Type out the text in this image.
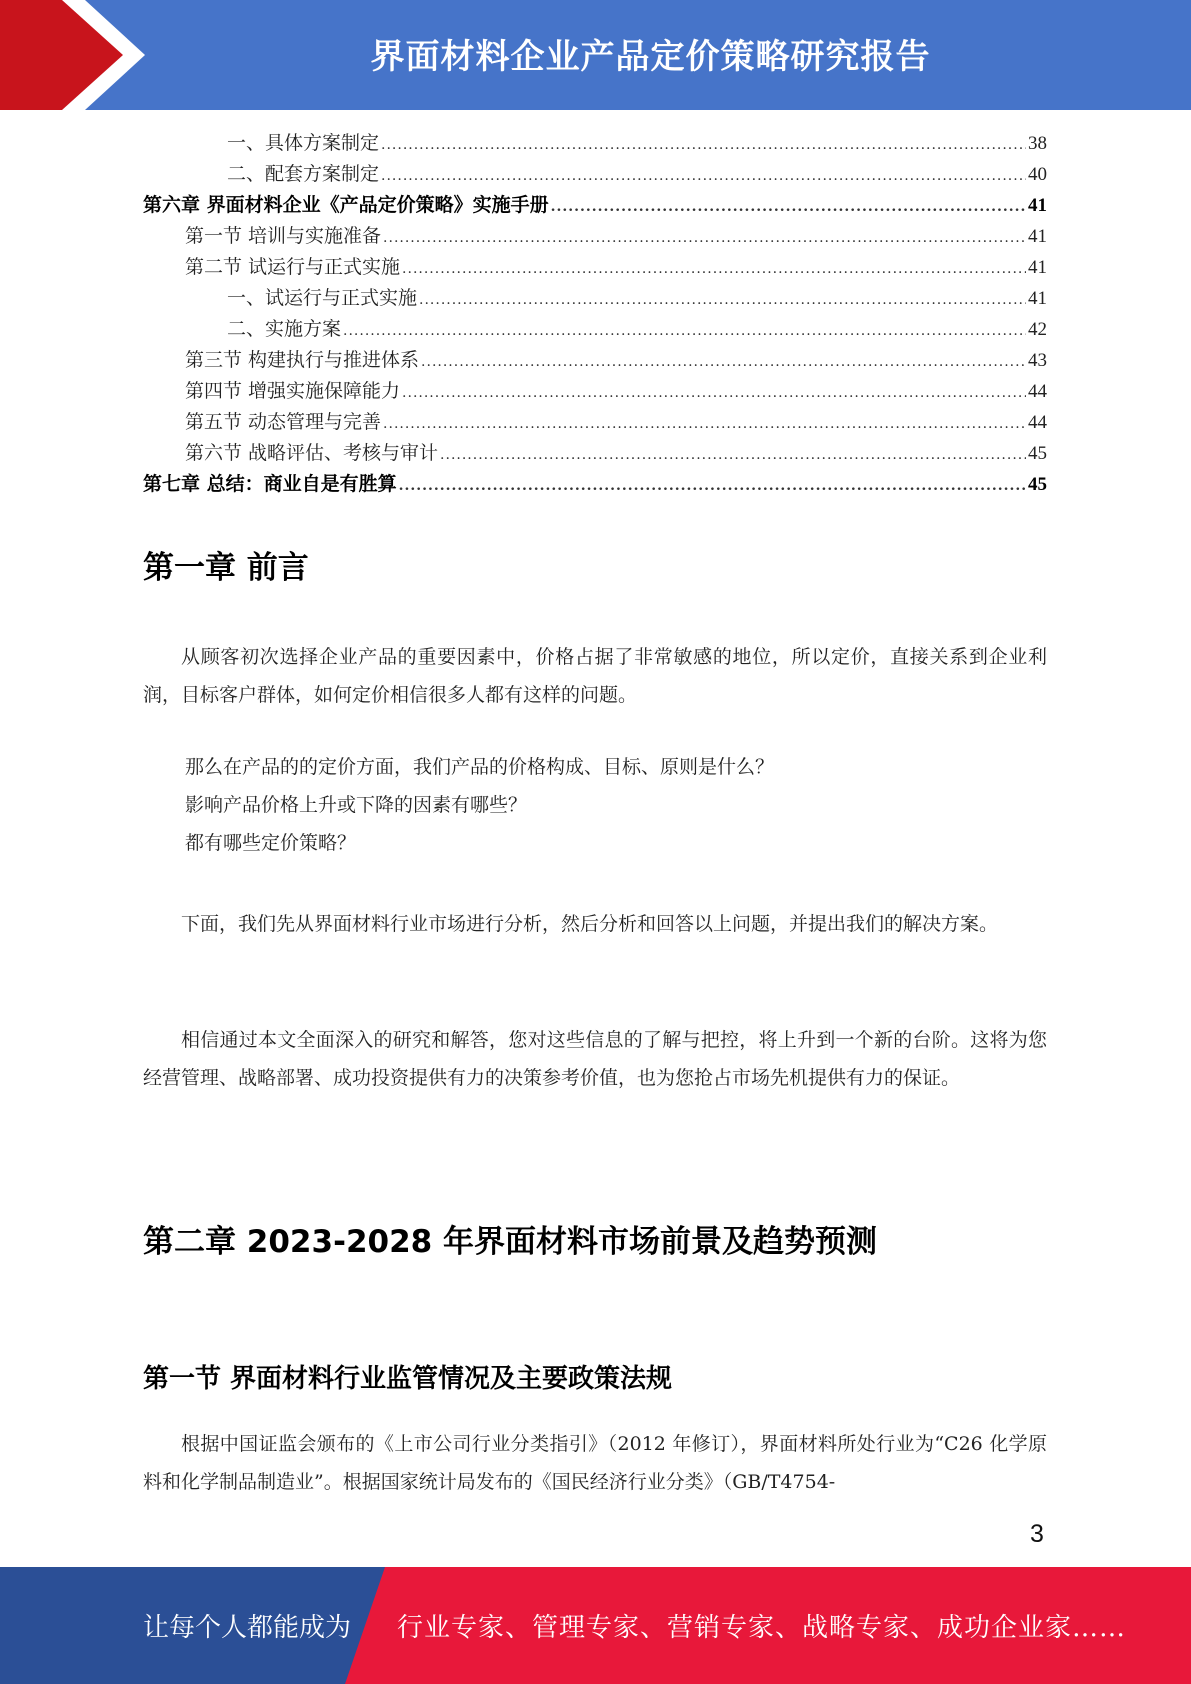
界面材料企业产品定价策略研究报告
一、具体方案制定 .....	38
二、配套方案制定 .....	40
第六章 界面材料企业《产品定价策略》实施手册 .....	41
第一节 培训与实施准备 .....	41
第二节 试运行与正式实施 .....	41
一、试运行与正式实施 .....	41
二、实施方案 .....	42
第三节 构建执行与推进体系 .....	43
第四节 增强实施保障能力 .....	44
第五节 动态管理与完善 .....	44
第六节 战略评估、考核与审计 .....	45
第七章 总结：商业自是有胜算 .....	45
第一章 前言

从顾客初次选择企业产品的重要因素中，价格占据了非常敏感的地位，所以定价，直接关系到企业利润，目标客户群体，如何定价相信很多人都有这样的问题。

那么在产品的的定价方面，我们产品的价格构成、目标、原则是什么？

影响产品价格上升或下降的因素有哪些？

都有哪些定价策略？

下面，我们先从界面材料行业市场进行分析，然后分析和回答以上问题，并提出我们的解决方案。

相信通过本文全面深入的研究和解答，您对这些信息的了解与把控，将上升到一个新的台阶。这将为您经营管理、战略部署、成功投资提供有力的决策参考价值，也为您抢占市场先机提供有力的保证。

第二章 2023-2028 年界面材料市场前景及趋势预测
第一节 界面材料行业监管情况及主要政策法规

根据中国证监会颁布的《上市公司行业分类指引》（2012 年修订），界面材料所处行业为“C26 化学原料和化学制品制造业”。根据国家统计局发布的《国民经济行业分类》（GB/T4754-

3
让每个人都能成为 行业专家、管理专家、营销专家、战略专家、成功企业家……
